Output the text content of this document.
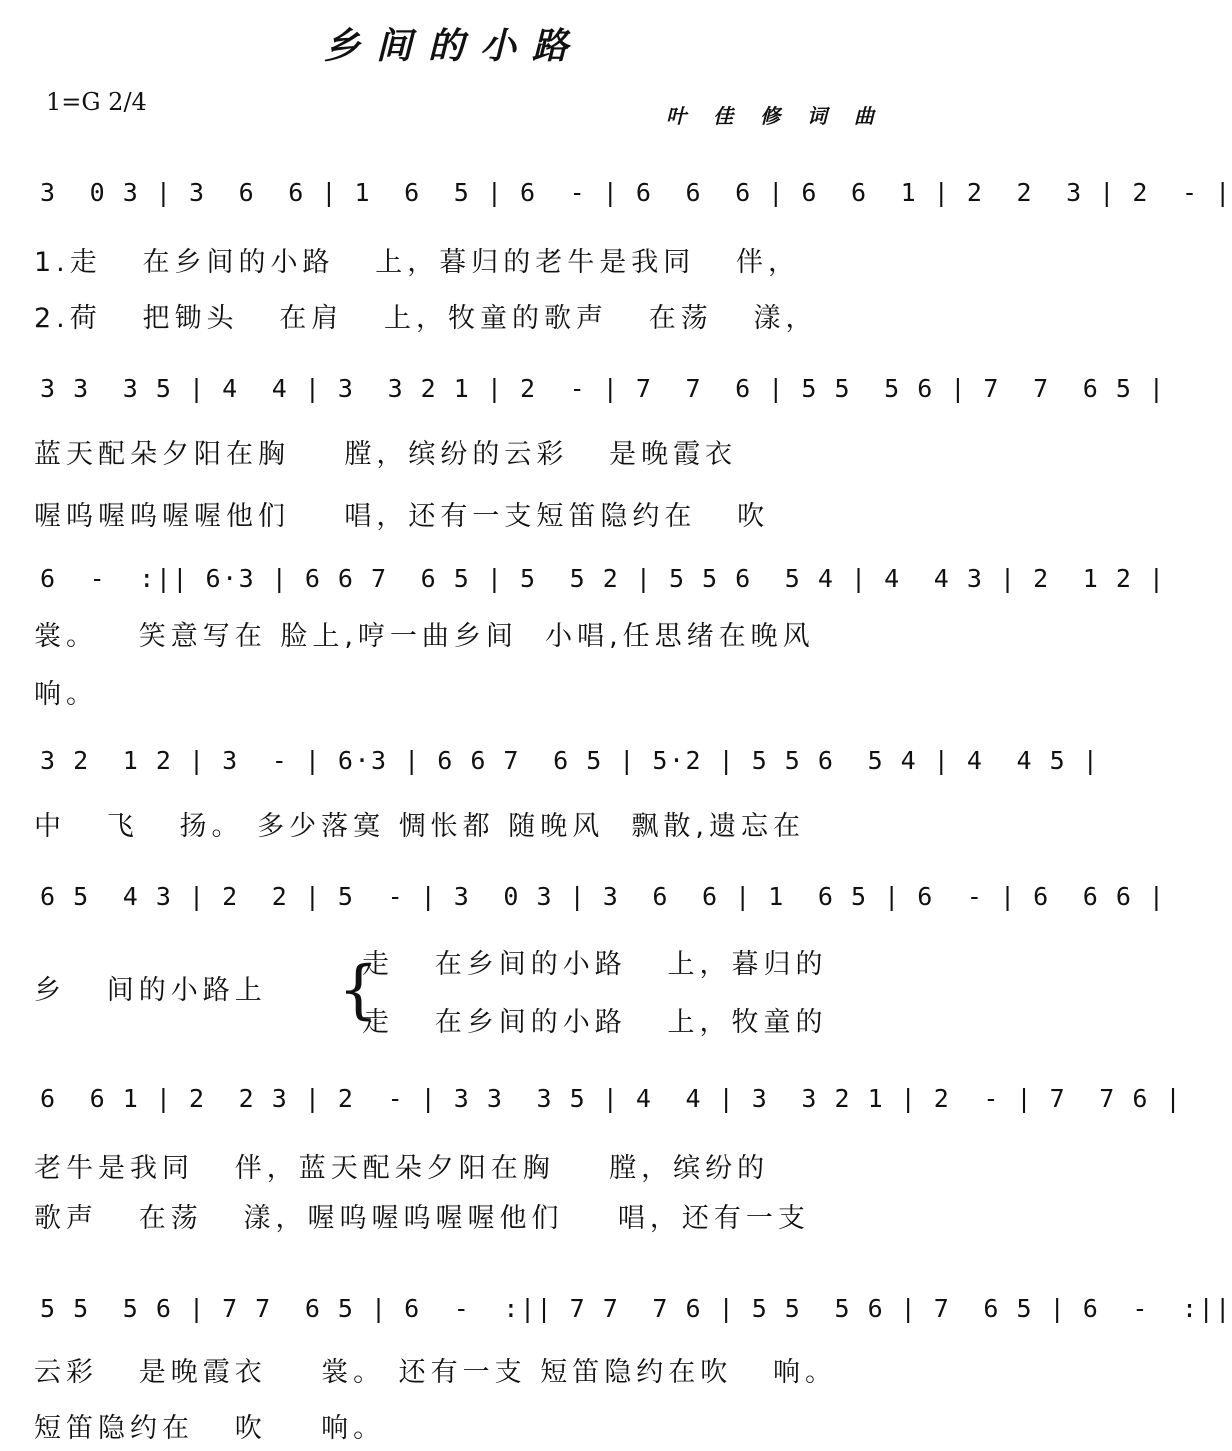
乡间的小路
1=G 2/4	叶 佳 修 词 曲
3  0 3 | 3  6  6 | 1  6  5 | 6  - | 6  6  6 | 6  6  1 | 2  2  3 | 2  - |
1.走   在乡间的小路   上，暮归的老牛是我同   伴，
2.荷   把锄头   在肩   上，牧童的歌声   在荡   漾，
3 3  3 5 | 4  4 | 3  3 2 1 | 2  - | 7  7  6 | 5 5  5 6 | 7  7  6 5 |
蓝天配朵夕阳在胸    膛，缤纷的云彩   是晚霞衣
喔呜喔呜喔喔他们    唱，还有一支短笛隐约在   吹
6  -  :|| 6·3 | 6 6 7  6 5 | 5  5 2 | 5 5 6  5 4 | 4  4 3 | 2  1 2 |
裳。   笑意写在 脸上,哼一曲乡间  小唱,任思绪在晚风
响。
3 2  1 2 | 3  - | 6·3 | 6 6 7  6 5 | 5·2 | 5 5 6  5 4 | 4  4 5 |
中   飞   扬。 多少落寞 惆怅都 随晚风  飘散,遗忘在
6 5  4 3 | 2  2 | 5  - | 3  0 3 | 3  6  6 | 1  6 5 | 6  - | 6  6 6 |
乡   间的小路上 {
走   在乡间的小路   上，暮归的
走   在乡间的小路   上，牧童的
6  6 1 | 2  2 3 | 2  - | 3 3  3 5 | 4  4 | 3  3 2 1 | 2  - | 7  7 6 |
老牛是我同   伴，蓝天配朵夕阳在胸    膛，缤纷的
歌声   在荡   漾，喔呜喔呜喔喔他们    唱，还有一支
5 5  5 6 | 7 7  6 5 | 6  -  :|| 7 7  7 6 | 5 5  5 6 | 7  6 5 | 6  -  :||
云彩   是晚霞衣    裳。 还有一支 短笛隐约在吹   响。
短笛隐约在   吹    响。
